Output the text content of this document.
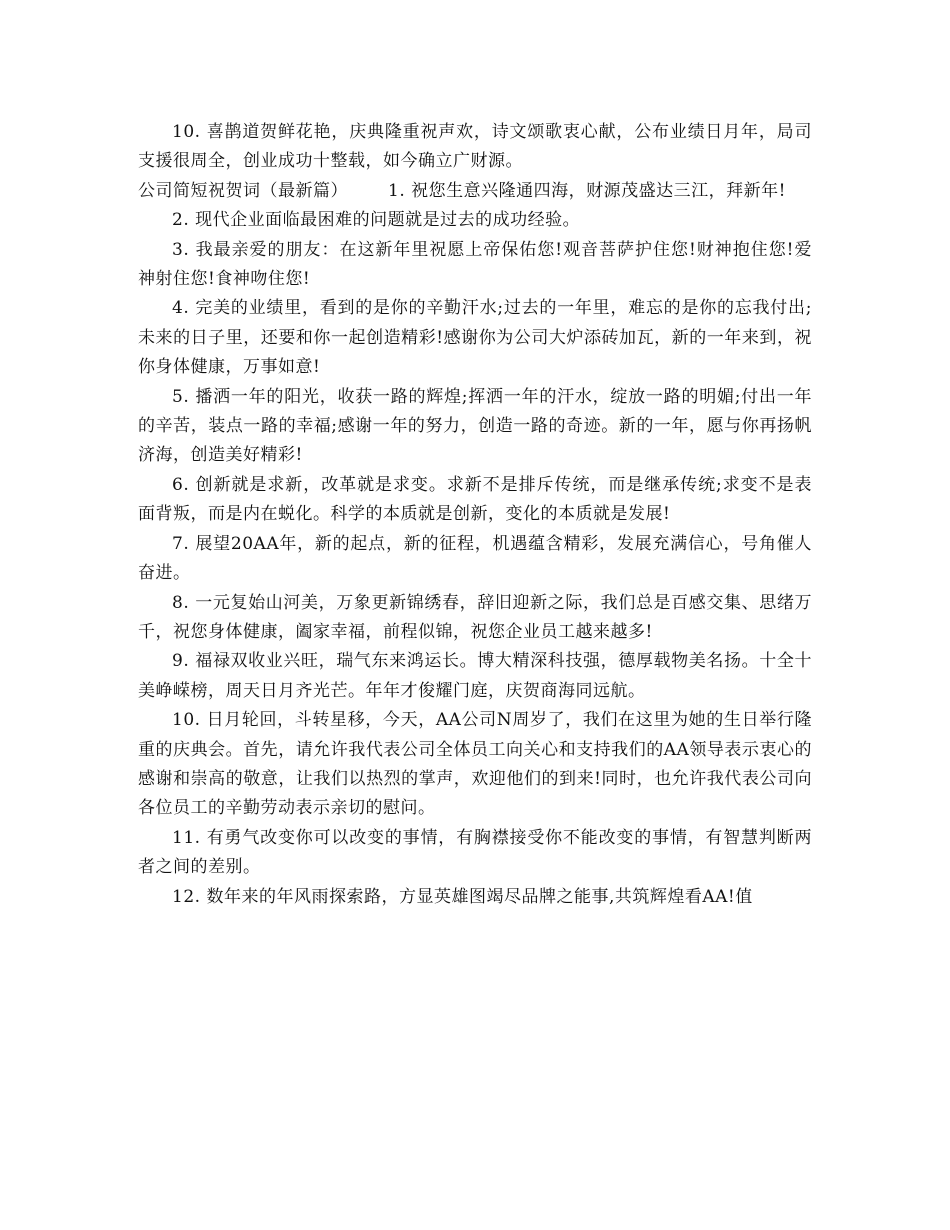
10. 喜鹊道贺鲜花艳，庆典隆重祝声欢，诗文颂歌衷心献，公布业绩日月年，局司支援很周全，创业成功十整载，如今确立广财源。

公司简短祝贺词（最新篇） 1. 祝您生意兴隆通四海，财源茂盛达三江，拜新年!

2. 现代企业面临最困难的问题就是过去的成功经验。

3. 我最亲爱的朋友：在这新年里祝愿上帝保佑您!观音菩萨护住您!财神抱住您!爱神射住您!食神吻住您!

4. 完美的业绩里，看到的是你的辛勤汗水;过去的一年里，难忘的是你的忘我付出;未来的日子里，还要和你一起创造精彩!感谢你为公司大炉添砖加瓦，新的一年来到，祝你身体健康，万事如意!

5. 播洒一年的阳光，收获一路的辉煌;挥洒一年的汗水，绽放一路的明媚;付出一年的辛苦，装点一路的幸福;感谢一年的努力，创造一路的奇迹。新的一年，愿与你再扬帆济海，创造美好精彩!

6. 创新就是求新，改革就是求变。求新不是排斥传统，而是继承传统;求变不是表面背叛，而是内在蜕化。科学的本质就是创新，变化的本质就是发展!

7. 展望20AA年，新的起点，新的征程，机遇蕴含精彩，发展充满信心，号角催人奋进。

8. 一元复始山河美，万象更新锦绣春，辞旧迎新之际，我们总是百感交集、思绪万千，祝您身体健康，阖家幸福，前程似锦，祝您企业员工越来越多!

9. 福禄双收业兴旺，瑞气东来鸿运长。博大精深科技强，德厚载物美名扬。十全十美峥嵘榜，周天日月齐光芒。年年才俊耀门庭，庆贺商海同远航。

10. 日月轮回，斗转星移，今天，AA公司N周岁了，我们在这里为她的生日举行隆重的庆典会。首先，请允许我代表公司全体员工向关心和支持我们的AA领导表示衷心的感谢和崇高的敬意，让我们以热烈的掌声，欢迎他们的到来!同时，也允许我代表公司向各位员工的辛勤劳动表示亲切的慰问。

11. 有勇气改变你可以改变的事情，有胸襟接受你不能改变的事情，有智慧判断两者之间的差别。

12. 数年来的年风雨探索路，方显英雄图竭尽品牌之能事,共筑辉煌看AA!值
